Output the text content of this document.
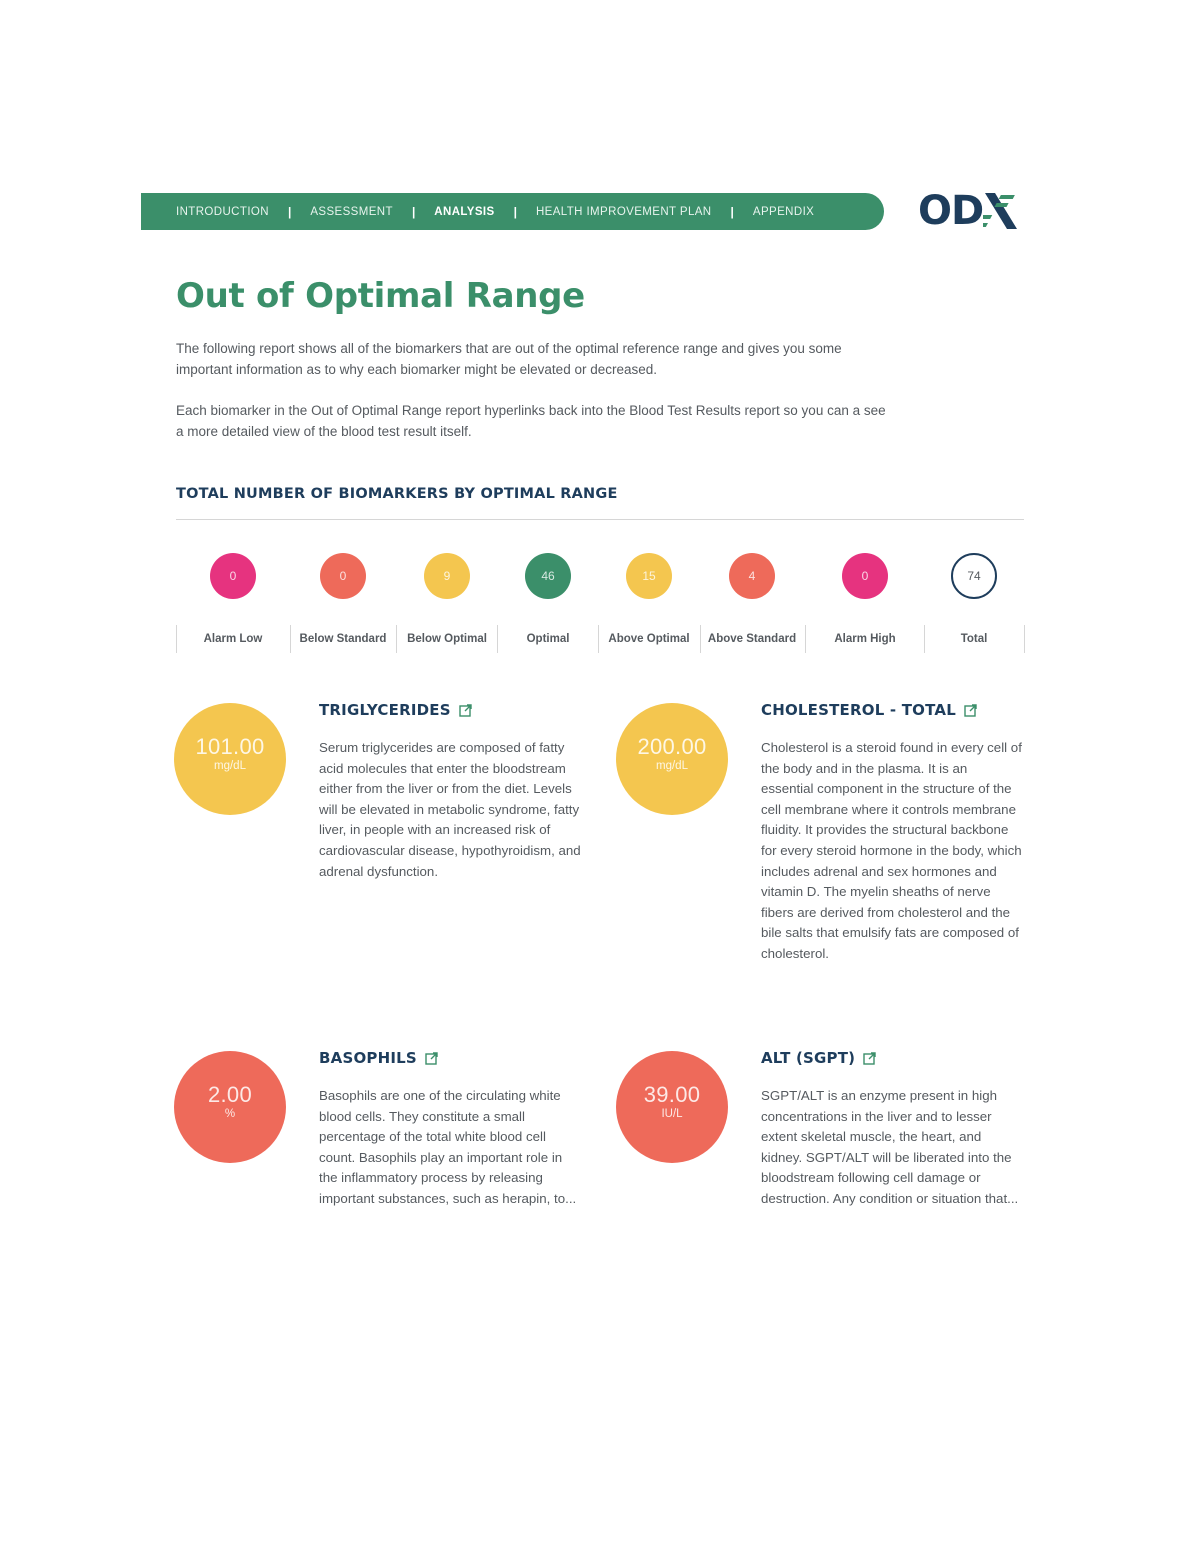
INTRODUCTION | ASSESSMENT | ANALYSIS | HEALTH IMPROVEMENT PLAN | APPENDIX	OD
Out of Optimal Range

The following report shows all of the biomarkers that are out of the optimal reference range and gives you some important information as to why each biomarker might be elevated or decreased.

Each biomarker in the Out of Optimal Range report hyperlinks back into the Blood Test Results report so you can a see a more detailed view of the blood test result itself.

TOTAL NUMBER OF BIOMARKERS BY OPTIMAL RANGE
0
Alarm Low
0
Below Standard
9
Below Optimal
46
Optimal
15
Above Optimal
4
Above Standard
0
Alarm High
74
Total
101.00
mg/dL
TRIGLYCERIDES

Serum triglycerides are composed of fatty acid molecules that enter the bloodstream either from the liver or from the diet. Levels will be elevated in metabolic syndrome, fatty liver, in people with an increased risk of cardiovascular disease, hypothyroidism, and adrenal dysfunction.

200.00
mg/dL
CHOLESTEROL - TOTAL

Cholesterol is a steroid found in every cell of the body and in the plasma. It is an essential component in the structure of the cell membrane where it controls membrane fluidity. It provides the structural backbone for every steroid hormone in the body, which includes adrenal and sex hormones and vitamin D. The myelin sheaths of nerve fibers are derived from cholesterol and the bile salts that emulsify fats are composed of cholesterol.

2.00
%
BASOPHILS

Basophils are one of the circulating white blood cells. They constitute a small percentage of the total white blood cell count. Basophils play an important role in the inflammatory process by releasing important substances, such as herapin, to...

39.00
IU/L
ALT (SGPT)

SGPT/ALT is an enzyme present in high concentrations in the liver and to lesser extent skeletal muscle, the heart, and kidney. SGPT/ALT will be liberated into the bloodstream following cell damage or destruction. Any condition or situation that...
